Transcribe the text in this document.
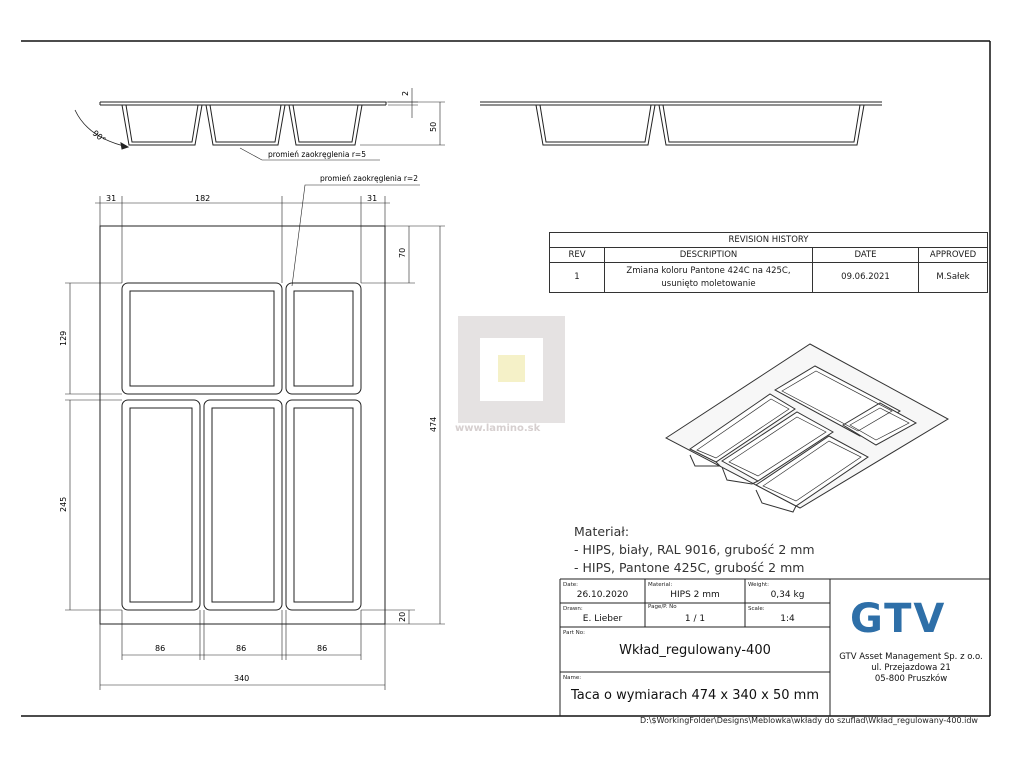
90°
2
50
promień zaokręglenia r=5
31	182	31
70
129
474
245
20
86	86	86
340
promień zaokręglenia r=2
www.lamino.sk
REVISION HISTORY			
REV	DESCRIPTION	DATE	APPROVED
1	Zmiana koloru Pantone 424C na 425C,
usunięto moletowanie	09.06.2021	M.Sałek
Materiał:
- HIPS, biały, RAL 9016, grubość 2 mm
- HIPS, Pantone 425C, grubość 2 mm
Date:
26.10.2020
Material:
HIPS 2 mm
Weight:
0,34 kg
Drawn:
E. Lieber
Page/P. No
1 / 1
Scale:
1:4
Part No:
Wkład_regulowany-400
Name:
Taca o wymiarach 474 x 340 x 50 mm
GTV
GTV Asset Management Sp. z o.o.
ul. Przejazdowa 21
05-800 Pruszków
D:\$WorkingFolder\Designs\Meblowka\wkłady do szuflad\Wkład_regulowany-400.idw
